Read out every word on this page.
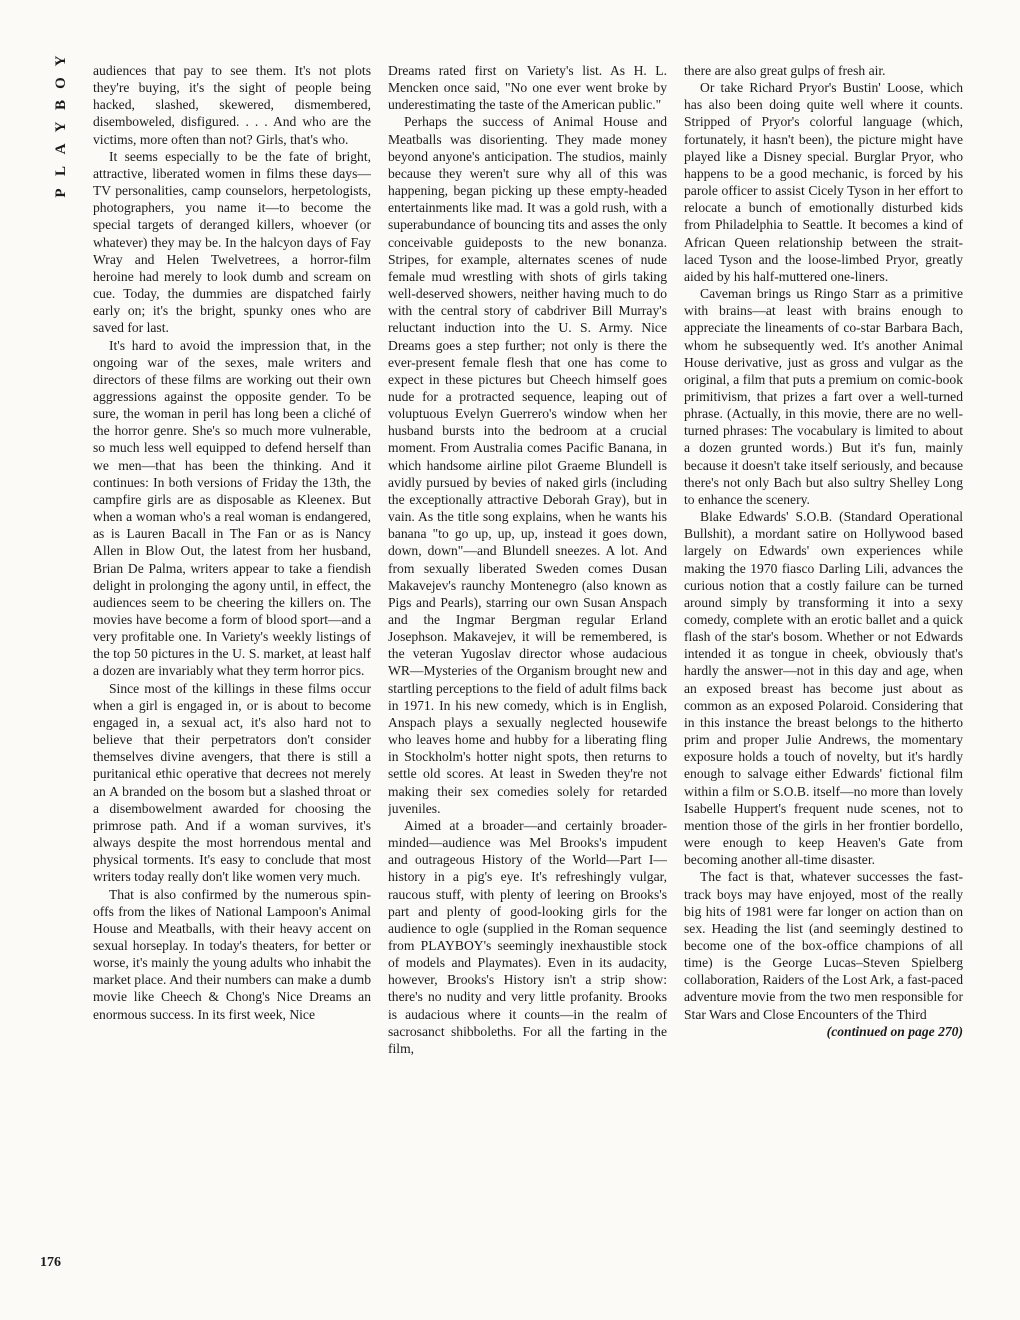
Y
O
B
Y
A
L
P

audiences that pay to see them. It's not plots they're buying, it's the sight of people being hacked, slashed, skewered, dismembered, disemboweled, disfigured. . . . And who are the victims, more often than not? Girls, that's who.

It seems especially to be the fate of bright, attractive, liberated women in films these days—TV personalities, camp counselors, herpetologists, photographers, you name it—to become the special targets of deranged killers, whoever (or whatever) they may be. In the halcyon days of Fay Wray and Helen Twelvetrees, a horror-film heroine had merely to look dumb and scream on cue. Today, the dummies are dispatched fairly early on; it's the bright, spunky ones who are saved for last.

It's hard to avoid the impression that, in the ongoing war of the sexes, male writers and directors of these films are working out their own aggressions against the opposite gender. To be sure, the woman in peril has long been a cliché of the horror genre. She's so much more vulnerable, so much less well equipped to defend herself than we men—that has been the thinking. And it continues: In both versions of Friday the 13th, the campfire girls are as disposable as Kleenex. But when a woman who's a real woman is endangered, as is Lauren Bacall in The Fan or as is Nancy Allen in Blow Out, the latest from her husband, Brian De Palma, writers appear to take a fiendish delight in prolonging the agony until, in effect, the audiences seem to be cheering the killers on. The movies have become a form of blood sport—and a very profitable one. In Variety's weekly listings of the top 50 pictures in the U. S. market, at least half a dozen are invariably what they term horror pics.

Since most of the killings in these films occur when a girl is engaged in, or is about to become engaged in, a sexual act, it's also hard not to believe that their perpetrators don't consider themselves divine avengers, that there is still a puritanical ethic operative that decrees not merely an A branded on the bosom but a slashed throat or a disembowelment awarded for choosing the primrose path. And if a woman survives, it's always despite the most horrendous mental and physical torments. It's easy to conclude that most writers today really don't like women very much.

That is also confirmed by the numerous spin-offs from the likes of National Lampoon's Animal House and Meatballs, with their heavy accent on sexual horseplay. In today's theaters, for better or worse, it's mainly the young adults who inhabit the market place. And their numbers can make a dumb movie like Cheech & Chong's Nice Dreams an enormous success. In its first week, Nice

Dreams rated first on Variety's list. As H. L. Mencken once said, "No one ever went broke by underestimating the taste of the American public."

Perhaps the success of Animal House and Meatballs was disorienting. They made money beyond anyone's anticipation. The studios, mainly because they weren't sure why all of this was happening, began picking up these empty-headed entertainments like mad. It was a gold rush, with a superabundance of bouncing tits and asses the only conceivable guideposts to the new bonanza. Stripes, for example, alternates scenes of nude female mud wrestling with shots of girls taking well-deserved showers, neither having much to do with the central story of cabdriver Bill Murray's reluctant induction into the U. S. Army. Nice Dreams goes a step further; not only is there the ever-present female flesh that one has come to expect in these pictures but Cheech himself goes nude for a protracted sequence, leaping out of voluptuous Evelyn Guerrero's window when her husband bursts into the bedroom at a crucial moment. From Australia comes Pacific Banana, in which handsome airline pilot Graeme Blundell is avidly pursued by bevies of naked girls (including the exceptionally attractive Deborah Gray), but in vain. As the title song explains, when he wants his banana "to go up, up, up, instead it goes down, down, down"—and Blundell sneezes. A lot. And from sexually liberated Sweden comes Dusan Makavejev's raunchy Montenegro (also known as Pigs and Pearls), starring our own Susan Anspach and the Ingmar Bergman regular Erland Josephson. Makavejev, it will be remembered, is the veteran Yugoslav director whose audacious WR—Mysteries of the Organism brought new and startling perceptions to the field of adult films back in 1971. In his new comedy, which is in English, Anspach plays a sexually neglected housewife who leaves home and hubby for a liberating fling in Stockholm's hotter night spots, then returns to settle old scores. At least in Sweden they're not making their sex comedies solely for retarded juveniles.

Aimed at a broader—and certainly broader-minded—audience was Mel Brooks's impudent and outrageous History of the World—Part I—history in a pig's eye. It's refreshingly vulgar, raucous stuff, with plenty of leering on Brooks's part and plenty of good-looking girls for the audience to ogle (supplied in the Roman sequence from PLAYBOY's seemingly inexhaustible stock of models and Playmates). Even in its audacity, however, Brooks's History isn't a strip show: there's no nudity and very little profanity. Brooks is audacious where it counts—in the realm of sacrosanct shibboleths. For all the farting in the film,

there are also great gulps of fresh air.

Or take Richard Pryor's Bustin' Loose, which has also been doing quite well where it counts. Stripped of Pryor's colorful language (which, fortunately, it hasn't been), the picture might have played like a Disney special. Burglar Pryor, who happens to be a good mechanic, is forced by his parole officer to assist Cicely Tyson in her effort to relocate a bunch of emotionally disturbed kids from Philadelphia to Seattle. It becomes a kind of African Queen relationship between the strait-laced Tyson and the loose-limbed Pryor, greatly aided by his half-muttered one-liners.

Caveman brings us Ringo Starr as a primitive with brains—at least with brains enough to appreciate the lineaments of co-star Barbara Bach, whom he subsequently wed. It's another Animal House derivative, just as gross and vulgar as the original, a film that puts a premium on comic-book primitivism, that prizes a fart over a well-turned phrase. (Actually, in this movie, there are no well-turned phrases: The vocabulary is limited to about a dozen grunted words.) But it's fun, mainly because it doesn't take itself seriously, and because there's not only Bach but also sultry Shelley Long to enhance the scenery.

Blake Edwards' S.O.B. (Standard Operational Bullshit), a mordant satire on Hollywood based largely on Edwards' own experiences while making the 1970 fiasco Darling Lili, advances the curious notion that a costly failure can be turned around simply by transforming it into a sexy comedy, complete with an erotic ballet and a quick flash of the star's bosom. Whether or not Edwards intended it as tongue in cheek, obviously that's hardly the answer—not in this day and age, when an exposed breast has become just about as common as an exposed Polaroid. Considering that in this instance the breast belongs to the hitherto prim and proper Julie Andrews, the momentary exposure holds a touch of novelty, but it's hardly enough to salvage either Edwards' fictional film within a film or S.O.B. itself—no more than lovely Isabelle Huppert's frequent nude scenes, not to mention those of the girls in her frontier bordello, were enough to keep Heaven's Gate from becoming another all-time disaster.

The fact is that, whatever successes the fast-track boys may have enjoyed, most of the really big hits of 1981 were far longer on action than on sex. Heading the list (and seemingly destined to become one of the box-office champions of all time) is the George Lucas–Steven Spielberg collaboration, Raiders of the Lost Ark, a fast-paced adventure movie from the two men responsible for Star Wars and Close Encounters of the Third

(continued on page 270)

176
